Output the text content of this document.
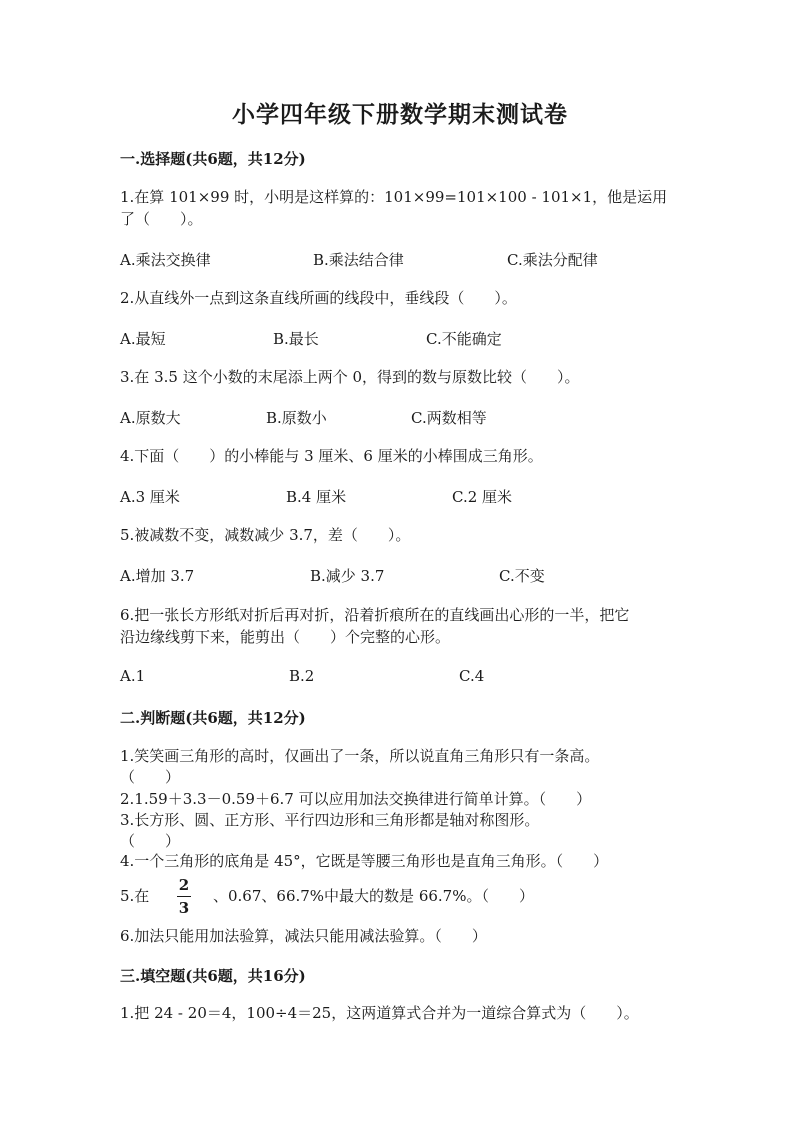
小学四年级下册数学期末测试卷
一.选择题(共6题，共12分)
1.在算 101×99 时，小明是这样算的：101×99=101×100 - 101×1，他是运用
了（　　）。
A.乘法交换律	B.乘法结合律	C.乘法分配律
2.从直线外一点到这条直线所画的线段中，垂线段（　　）。
A.最短	B.最长	C.不能确定
3.在 3.5 这个小数的末尾添上两个 0，得到的数与原数比较（　　）。
A.原数大	B.原数小	C.两数相等
4.下面（　　）的小棒能与 3 厘米、6 厘米的小棒围成三角形。
A.3 厘米	B.4 厘米	C.2 厘米
5.被减数不变，减数减少 3.7，差（　　）。
A.增加 3.7	B.减少 3.7	C.不变
6.把一张长方形纸对折后再对折，沿着折痕所在的直线画出心形的一半，把它
沿边缘线剪下来，能剪出（　　）个完整的心形。
A.1	B.2	C.4
二.判断题(共6题，共12分)
1.笑笑画三角形的高时，仅画出了一条，所以说直角三角形只有一条高。
（　　）
2.1.59＋3.3－0.59＋6.7 可以应用加法交换律进行简单计算。（　　）
3.长方形、圆、正方形、平行四边形和三角形都是轴对称图形。
（　　）
4.一个三角形的底角是 45°，它既是等腰三角形也是直角三角形。（　　）
5.在
2
3
、0.67、66.7%中最大的数是 66.7%。（　　）
6.加法只能用加法验算，减法只能用减法验算。（　　）
三.填空题(共6题，共16分)
1.把 24 - 20＝4，100÷4＝25，这两道算式合并为一道综合算式为（　　）。
